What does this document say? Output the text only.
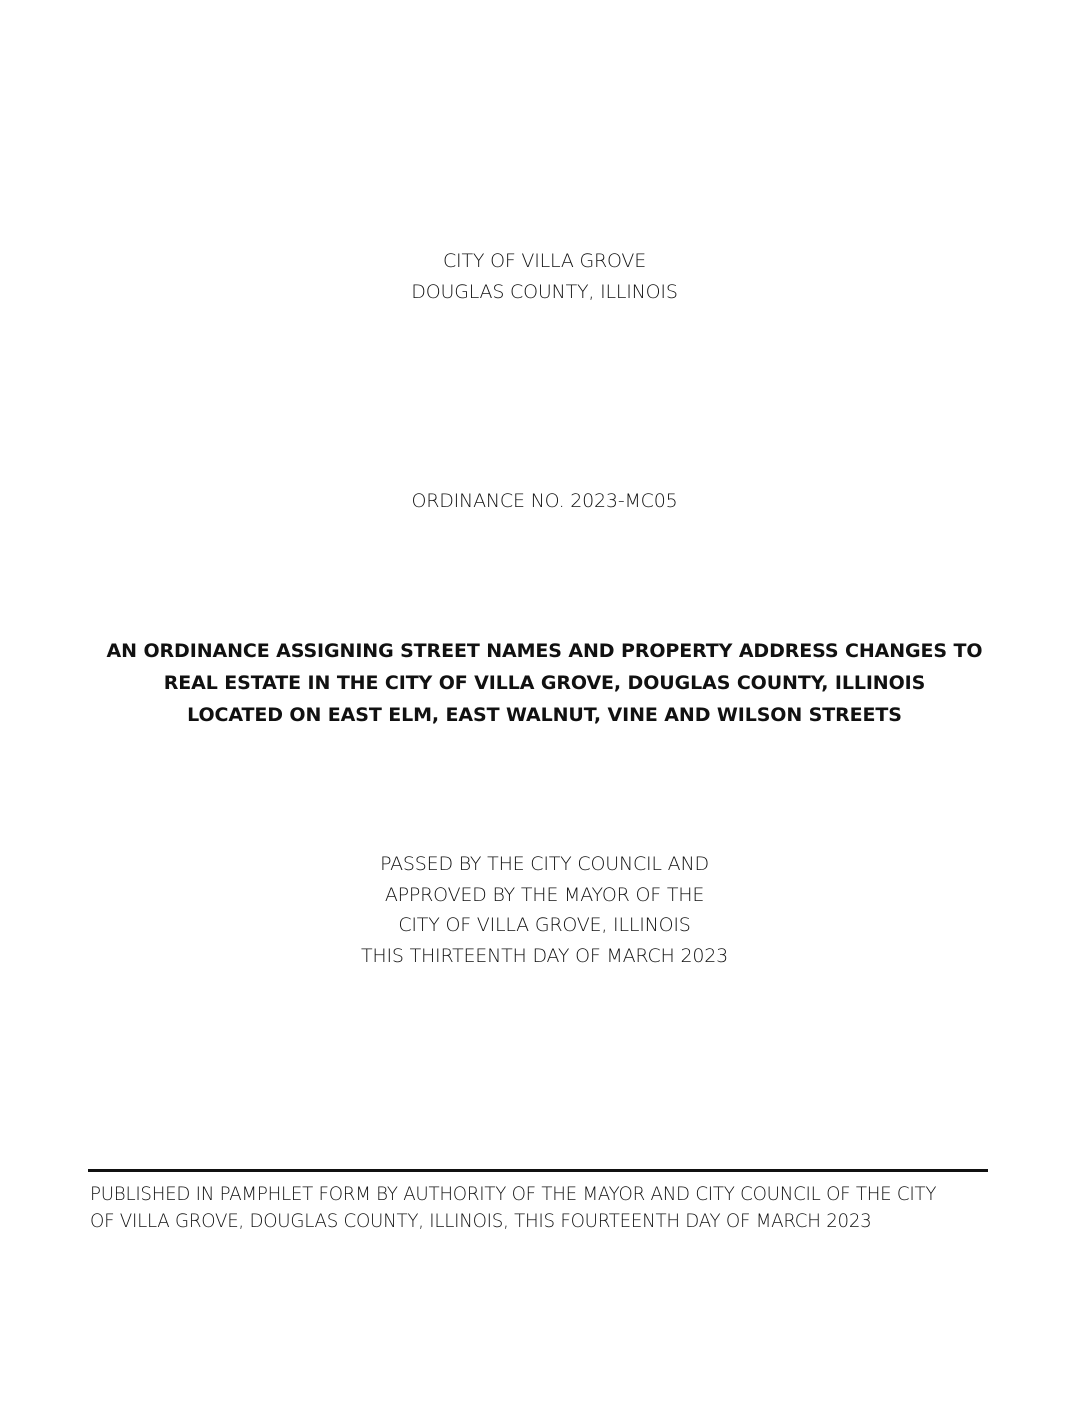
CITY OF VILLA GROVE
DOUGLAS COUNTY, ILLINOIS
ORDINANCE NO. 2023-MC05
AN ORDINANCE ASSIGNING STREET NAMES AND PROPERTY ADDRESS CHANGES TO
REAL ESTATE IN THE CITY OF VILLA GROVE, DOUGLAS COUNTY, ILLINOIS
LOCATED ON EAST ELM, EAST WALNUT, VINE AND WILSON STREETS
PASSED BY THE CITY COUNCIL AND
APPROVED BY THE MAYOR OF THE
CITY OF VILLA GROVE, ILLINOIS
THIS THIRTEENTH DAY OF MARCH 2023
PUBLISHED IN PAMPHLET FORM BY AUTHORITY OF THE MAYOR AND CITY COUNCIL OF THE CITY
OF VILLA GROVE, DOUGLAS COUNTY, ILLINOIS, THIS FOURTEENTH DAY OF MARCH 2023
